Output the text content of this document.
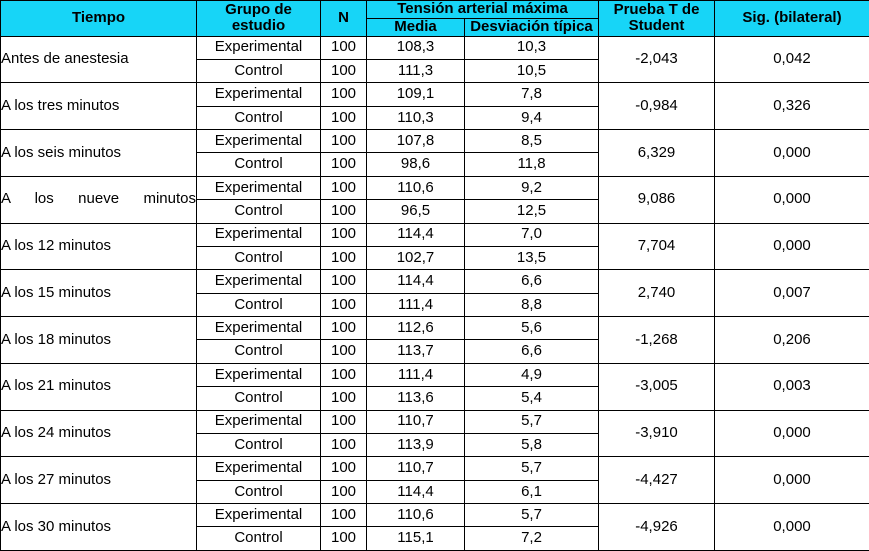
Tiempo	Grupo de estudio	N	Tensión arterial máxima		Prueba T de Student	Sig. (bilateral)
			Media	Desviación típica		
Antes de anestesia	Experimental	100	108,3	10,3	-2,043	0,042
	Control	100	111,3	10,5		
A los tres minutos	Experimental	100	109,1	7,8	-0,984	0,326
	Control	100	110,3	9,4		
A los seis minutos	Experimental	100	107,8	8,5	6,329	0,000
	Control	100	98,6	11,8		
A los nueve minutos	Experimental	100	110,6	9,2	9,086	0,000
	Control	100	96,5	12,5		
A los 12 minutos	Experimental	100	114,4	7,0	7,704	0,000
	Control	100	102,7	13,5		
A los 15 minutos	Experimental	100	114,4	6,6	2,740	0,007
	Control	100	111,4	8,8		
A los 18 minutos	Experimental	100	112,6	5,6	-1,268	0,206
	Control	100	113,7	6,6		
A los 21 minutos	Experimental	100	111,4	4,9	-3,005	0,003
	Control	100	113,6	5,4		
A los 24 minutos	Experimental	100	110,7	5,7	-3,910	0,000
	Control	100	113,9	5,8		
A los 27 minutos	Experimental	100	110,7	5,7	-4,427	0,000
	Control	100	114,4	6,1		
A los 30 minutos	Experimental	100	110,6	5,7	-4,926	0,000
	Control	100	115,1	7,2		
